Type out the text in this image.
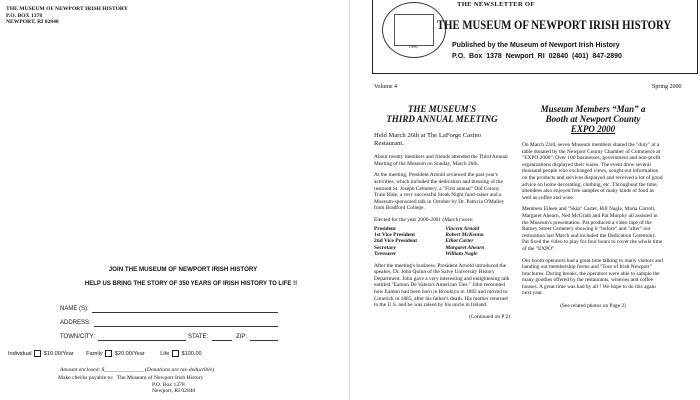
THE MUSEUM OF NEWPORT IRISH HISTORY
P.O. BOX 1378
NEWPORT, RI 02840
JOIN THE MUSEUM OF NEWPORT IRISH HISTORY
HELP US BRING THE STORY OF 350 YEARS OF IRISH HISTORY TO LIFE !!
NAME (S):
ADDRESS:
TOWN/CITY:	STATE:	ZIP:
Individual $10.00/Year Family $20.00/Year	Life $100.00
Amount enclosed: $______________ (Donations are tax-deductible)
Make checks payable to: The Museum of Newport Irish History
P.O. Box 1378
Newport, RI 02840
1996
THE NEWSLETTER OF
THE MUSEUM OF NEWPORT IRISH HISTORY
Published by the Museum of Newport Irish History
P.O. Box 1378 Newport RI 02840 (401) 847-2890
Volume 4	Spring 2000
THE MUSEUM'S
THIRD ANNUAL MEETING

Held March 26th at The LaForge Casino Restaurant.

About twenty members and friends attended the Third Annual Meeting of the Museum on Sunday, March 26th.

At the meeting, President Arnold reviewed the past year's activities, which included the dedication and blessing of the restored St. Joseph Cemetery, a "First annual" Old Colony Train Ride, a very successful Steak Night fund-raiser and a Museum-sponsored talk in October by Dr. Patricia O'Malley from Bradford College.

Elected for the year 2000-2001 (March) were:

President	Vincent Arnold
1st Vice President	Robert McKenna
2nd Vice President	Elliot Carter
Secretary	Margaret Ahearn
Tressurer	William Nagle

After the meeting's business, President Arnold introduced the speaker, Dr. John Quinn of the Salve University History Department. John gave a very interesting and enlightening talk entitled "Eamon De Valera's American Ties." John recounted how Eamon had been born in Brooklyn in 1882 and moved to Limerick in 1885, after his father's death. His mother returned to the U.S. and he was raised by his uncle in Ireland.

(Continued on P 2)
Museum Members “Man” a
Booth at Newport County
EXPO 2000

On March 23rd, seven Museum members shared the "duty" at a table donated by the Newport County Chamber of Commerce at "EXPO 2000". Over 100 businesses, government and non-profit organizations displayed their wares. The event drew several thousand people who exchanged views, sought out information on the products and services displayed and received a lot of good advice on home decorating, clothing, etc. Throughout the time, attendees also enjoyed free samples of many kinds of food as well as coffee and wine.

Members Eileen and "Skip" Carter, Bill Nagle, Maria Carroll, Margaret Ahearn, Ned McGrath and Pat Murphy all assisted in the Museum's presentation. Pat produced a video tape of the Barney Street Cemetery showing it "before" and "after" our restoration last March and included the Dedication Ceremony. Pat fixed the video to play for four hours to cover the whole time of the "EXPO".

Our booth operators had a great time talking to many visitors and handing out membership forms and "Tour of Irish Newport" brochures. During breaks, the operators were able to sample the many goodies offered by the restaurants, wineries and coffee houses. A great time was had by all ! We hope to do this again next year.

(See related photos on Page 2)
